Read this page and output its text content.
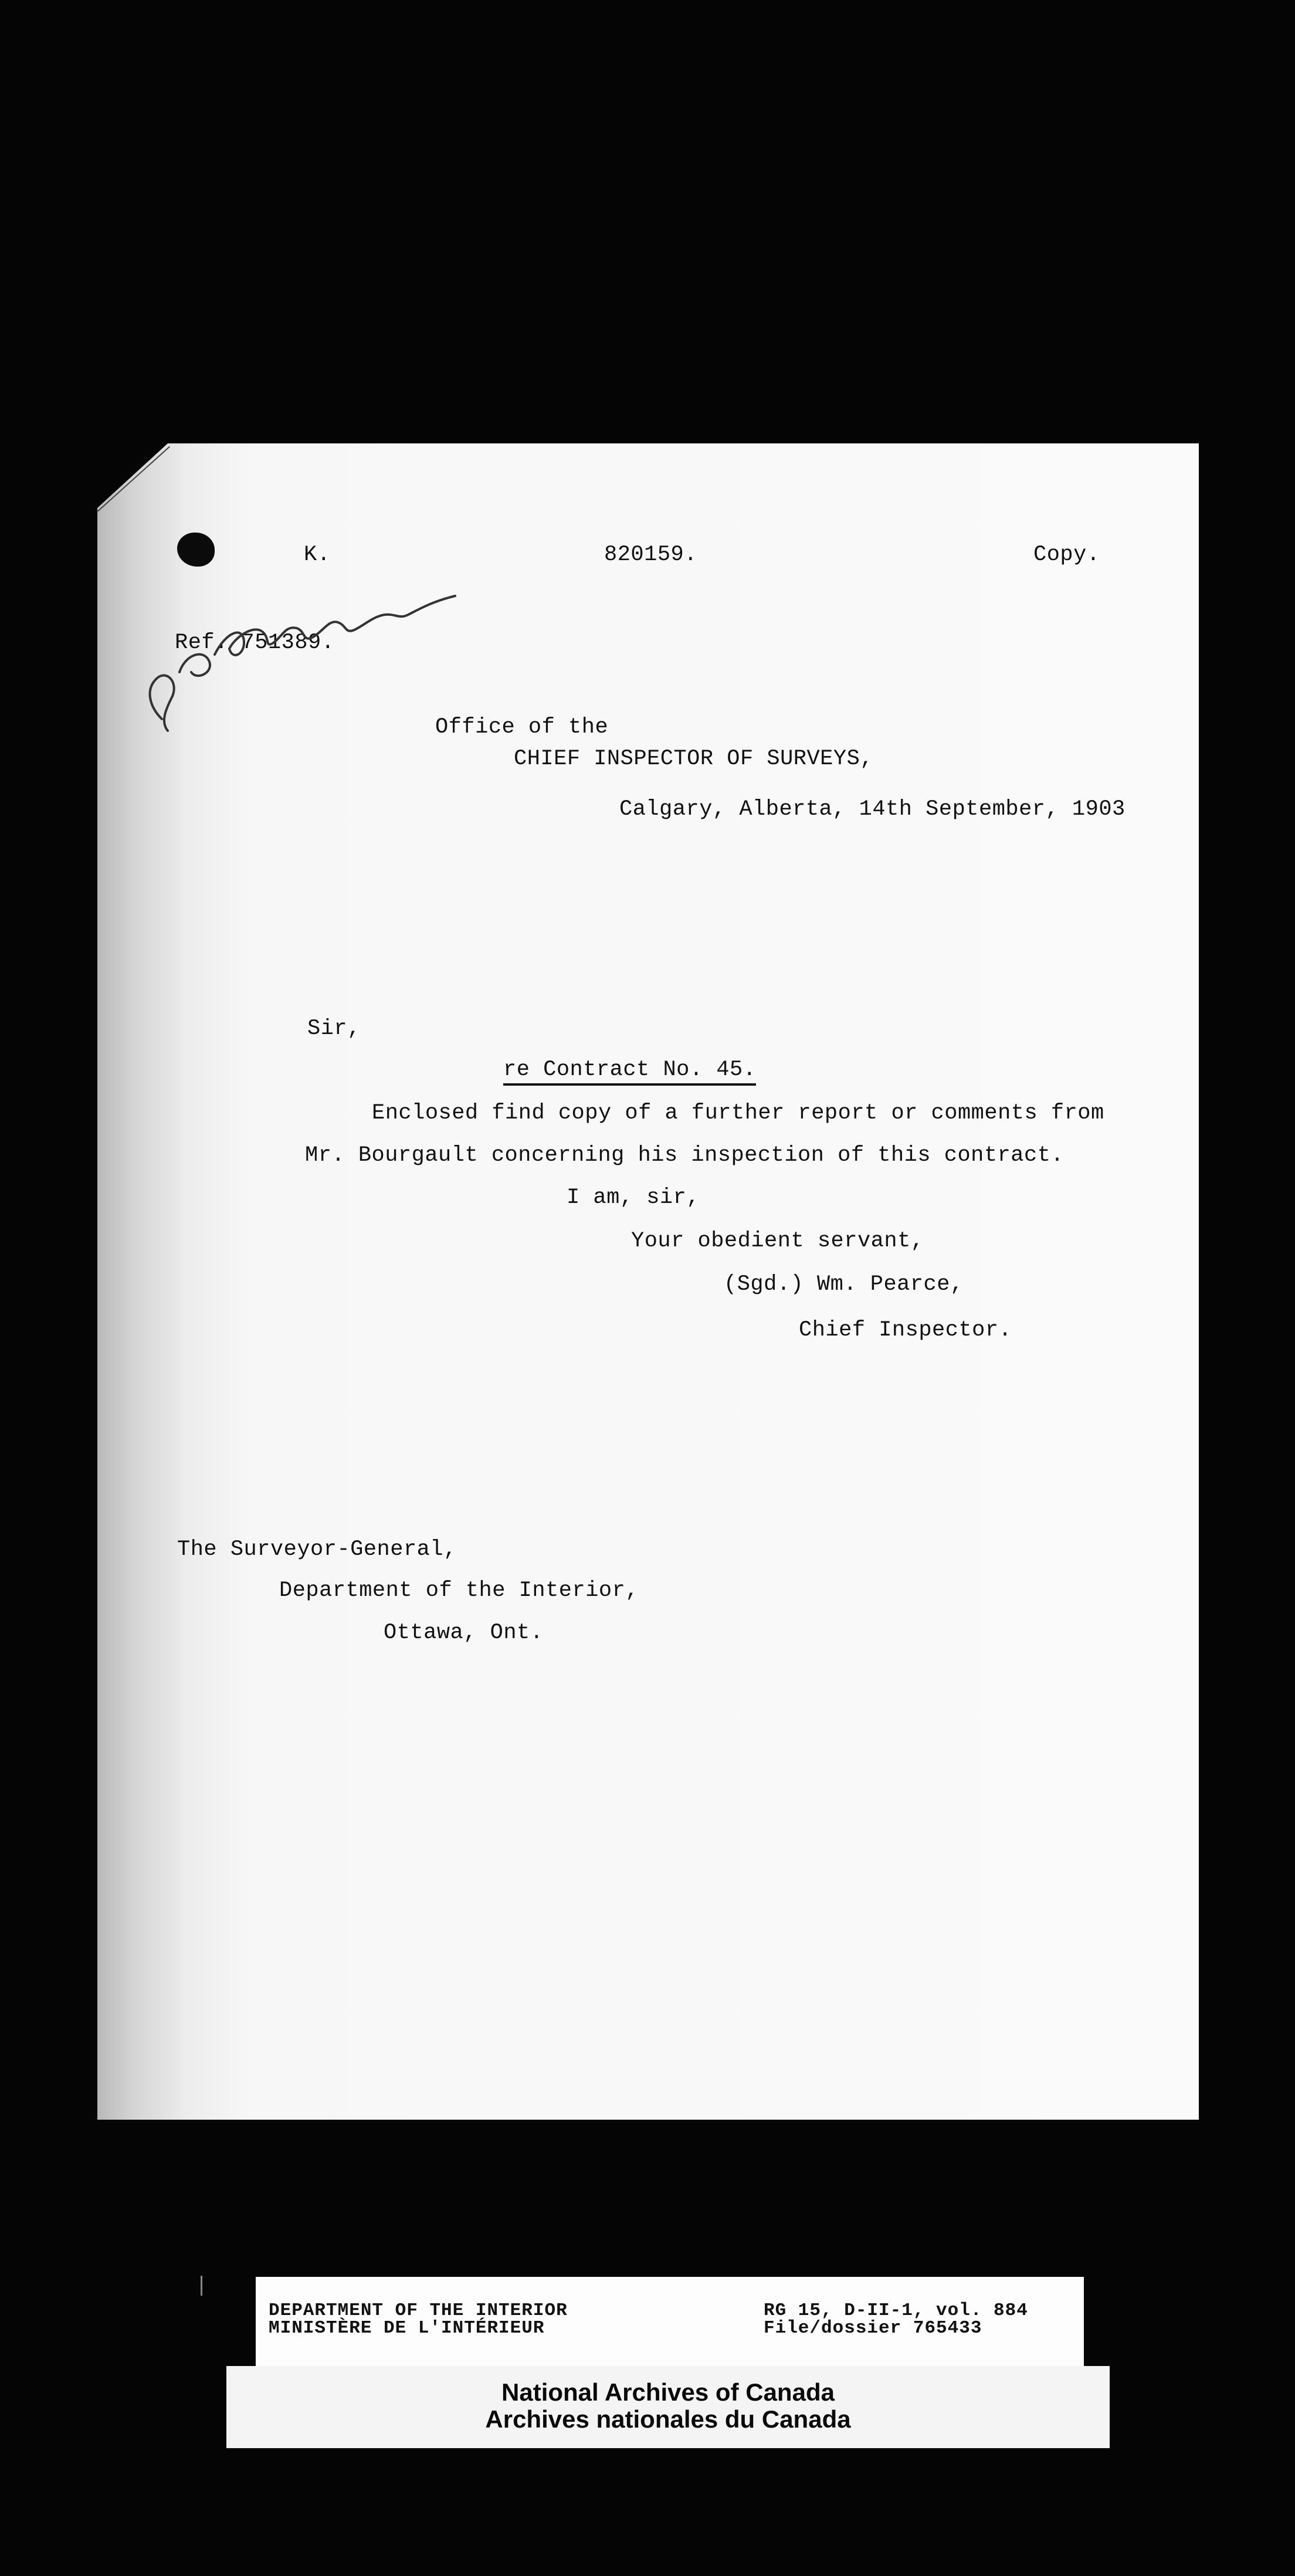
K.	820159.	Copy.
Ref. 751389.
Office of the
CHIEF INSPECTOR OF SURVEYS,
Calgary, Alberta, 14th September, 1903
Sir,
re Contract No. 45.
Enclosed find copy of a further report or comments from
Mr. Bourgault concerning his inspection of this contract.
I am, sir,
Your obedient servant,
(Sgd.) Wm. Pearce,
Chief Inspector.
The Surveyor-General,
Department of the Interior,
Ottawa, Ont.
DEPARTMENT OF THE INTERIOR
MINISTÈRE DE L'INTÉRIEUR
RG 15, D-II-1, vol. 884
File/dossier 765433
National Archives of Canada
Archives nationales du Canada
